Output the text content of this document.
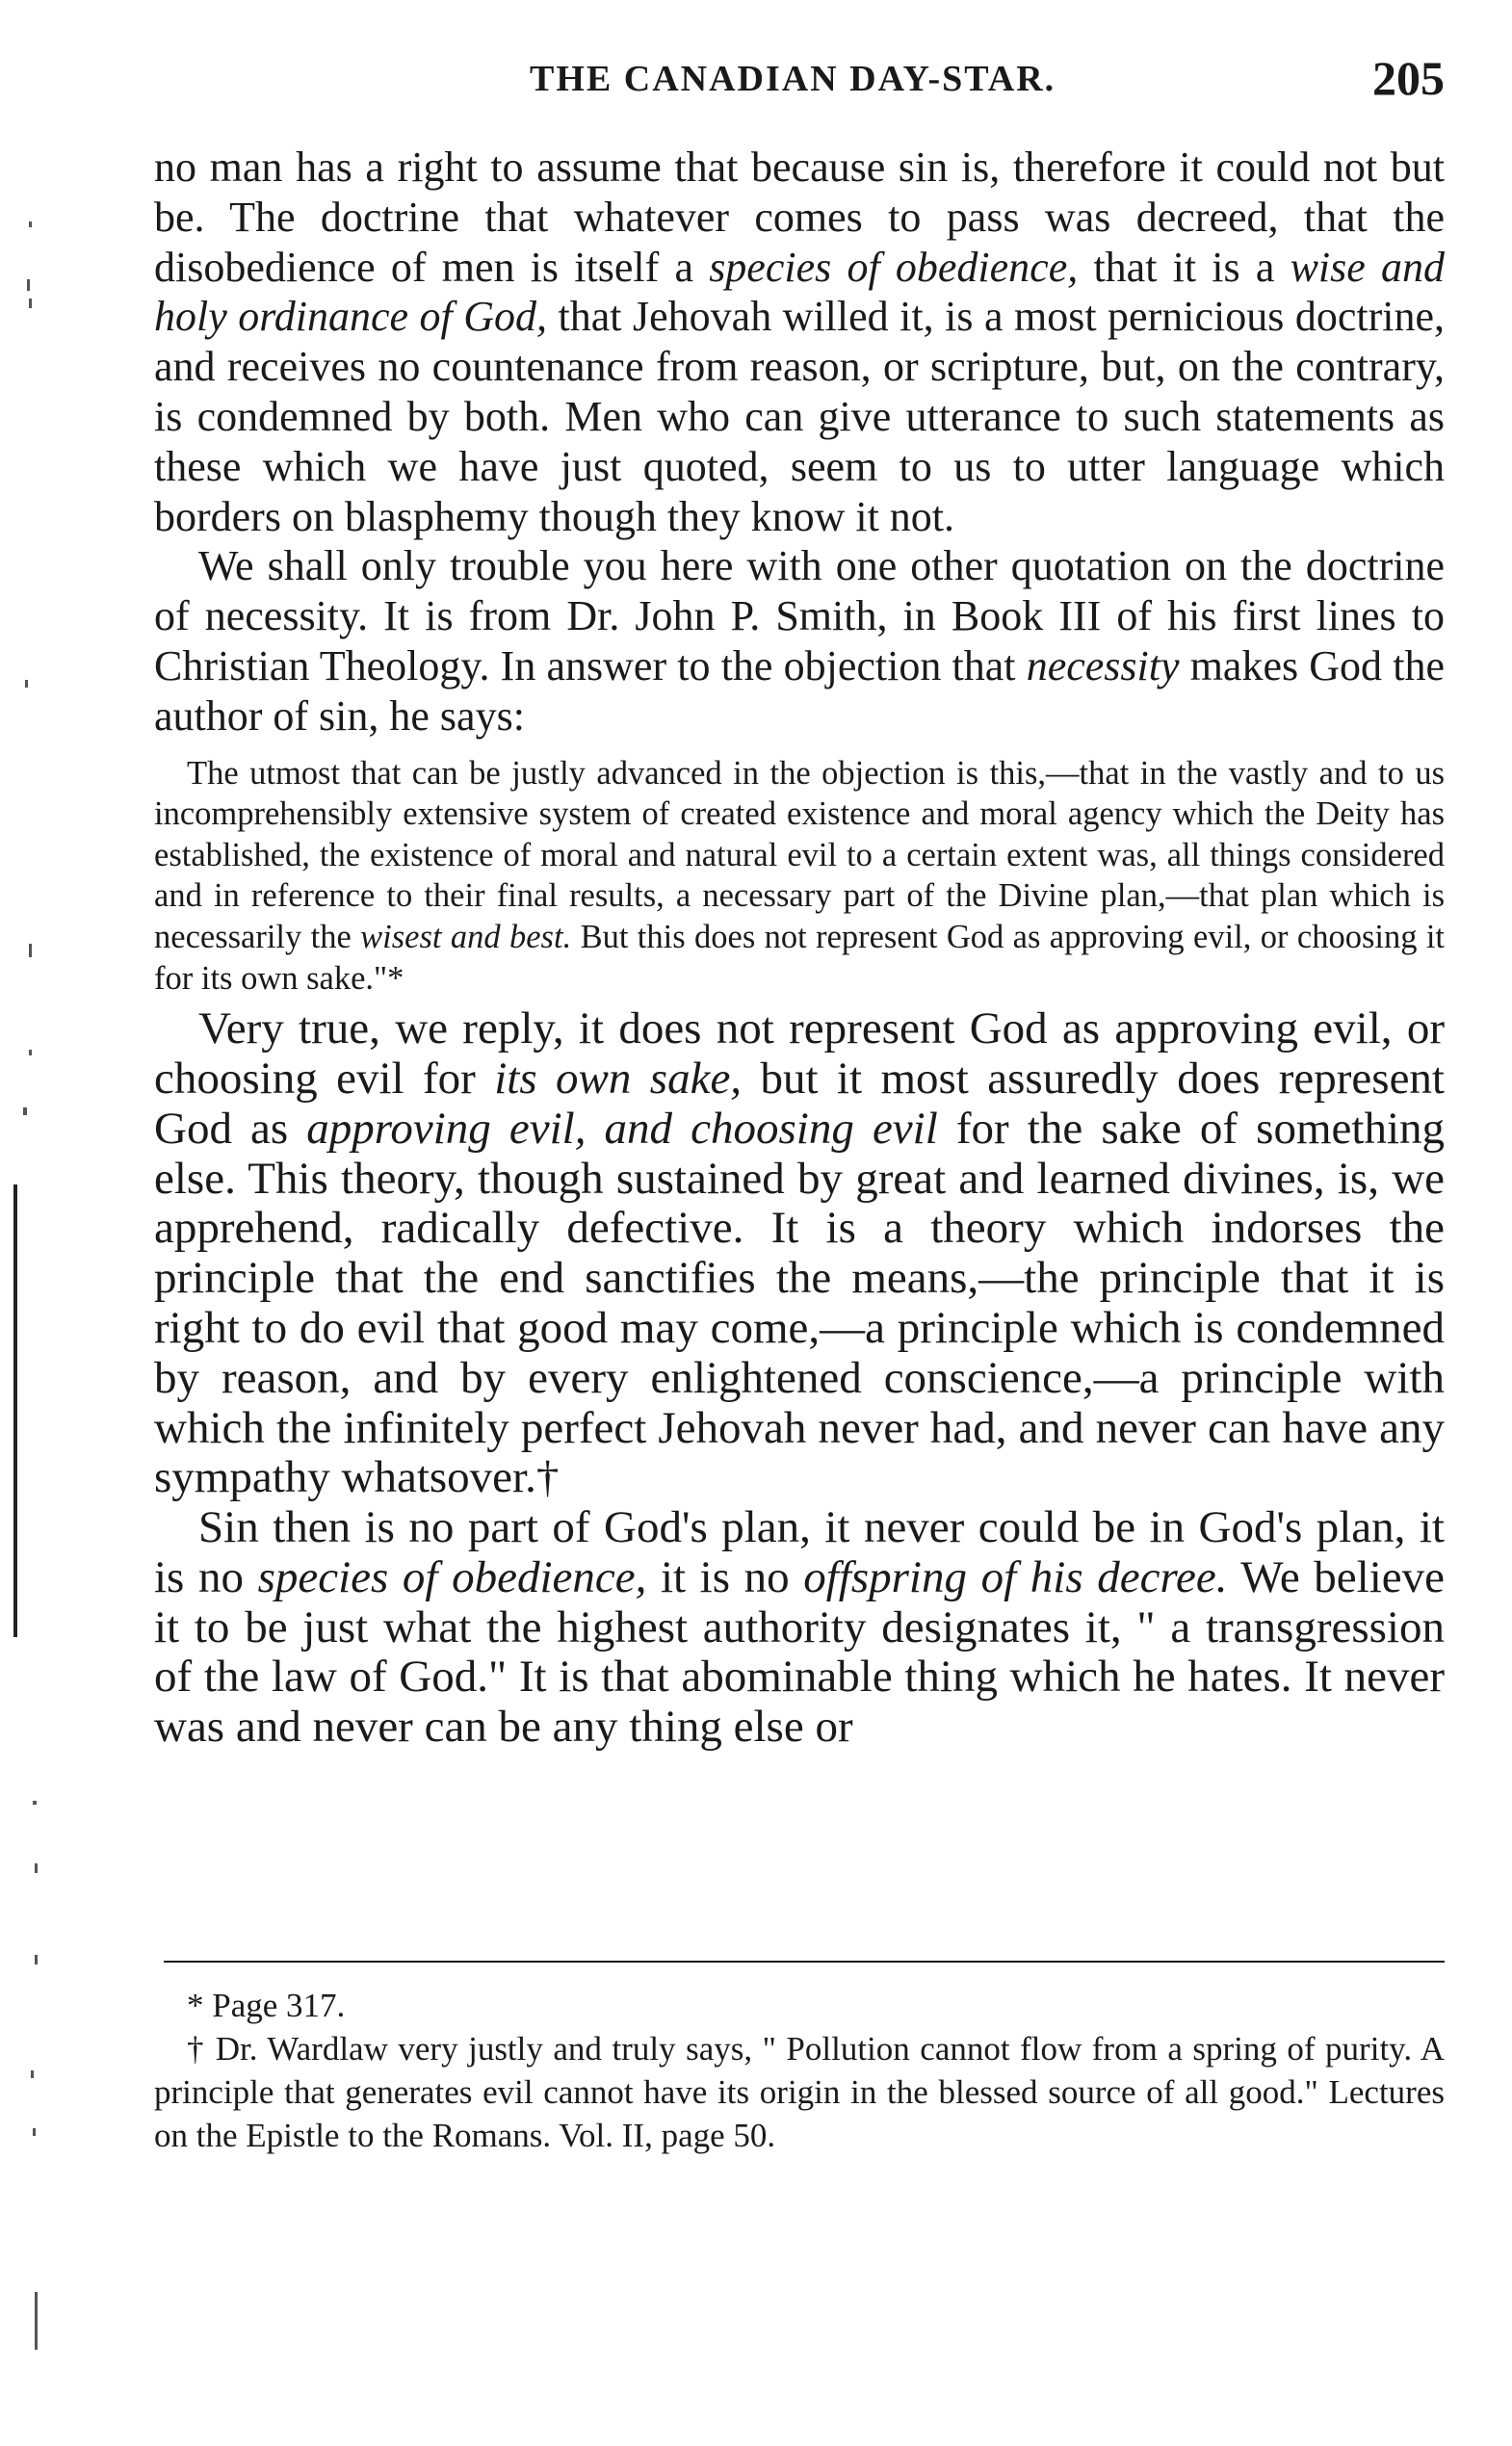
THE CANADIAN DAY-STAR.	205

no man has a right to assume that because sin is, therefore it could not but be. The doctrine that whatever comes to pass was decreed, that the disobedience of men is itself a species of obedience, that it is a wise and holy ordinance of God, that Jehovah willed it, is a most pernicious doctrine, and receives no countenance from reason, or scripture, but, on the contrary, is condemned by both. Men who can give utterance to such statements as these which we have just quoted, seem to us to utter language which borders on blasphemy though they know it not.

We shall only trouble you here with one other quotation on the doctrine of necessity. It is from Dr. John P. Smith, in Book III of his first lines to Christian Theology. In answer to the objection that necessity makes God the author of sin, he says:

The utmost that can be justly advanced in the objection is this,—that in the vastly and to us incomprehensibly extensive system of created existence and moral agency which the Deity has established, the existence of moral and natural evil to a certain extent was, all things considered and in reference to their final results, a necessary part of the Divine plan,—that plan which is necessarily the wisest and best. But this does not represent God as approving evil, or choosing it for its own sake."*

Very true, we reply, it does not represent God as approving evil, or choosing evil for its own sake, but it most assuredly does represent God as approving evil, and choosing evil for the sake of something else. This theory, though sustained by great and learned divines, is, we apprehend, radically defective. It is a theory which indorses the principle that the end sanctifies the means,—the principle that it is right to do evil that good may come,—a principle which is condemned by reason, and by every enlightened conscience,—a principle with which the infinitely perfect Jehovah never had, and never can have any sympathy whatsover.†

Sin then is no part of God's plan, it never could be in God's plan, it is no species of obedience, it is no offspring of his decree. We believe it to be just what the highest authority designates it, " a transgression of the law of God." It is that abominable thing which he hates. It never was and never can be any thing else or

* Page 317.

† Dr. Wardlaw very justly and truly says, " Pollution cannot flow from a spring of purity. A principle that generates evil cannot have its origin in the blessed source of all good." Lectures on the Epistle to the Romans. Vol. II, page 50.
